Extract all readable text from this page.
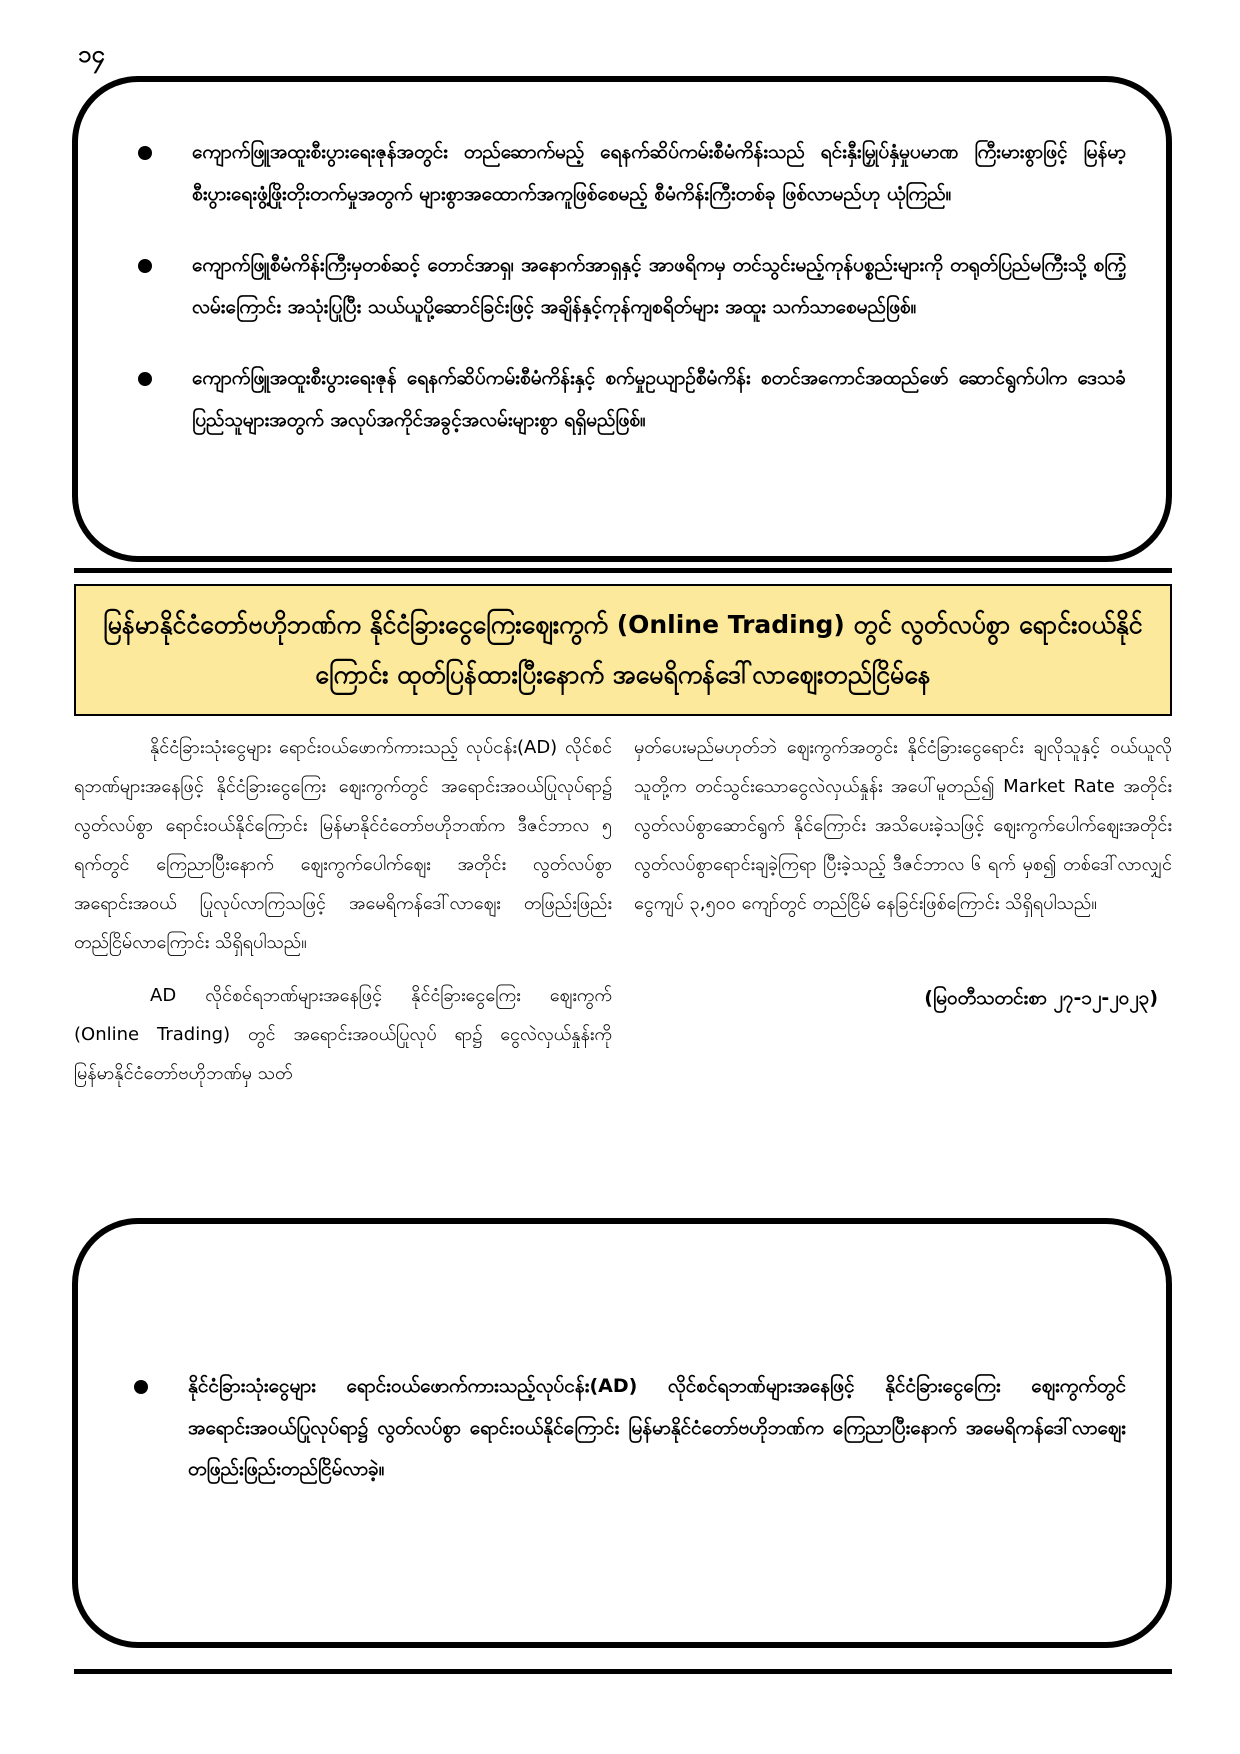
၁၄
ကျောက်ဖြူအထူးစီးပွားရေးဇုန်အတွင်း တည်ဆောက်မည့် ရေနက်ဆိပ်ကမ်းစီမံကိန်းသည် ရင်းနှီးမြှုပ်နှံမှုပမာဏ ကြီးမားစွာဖြင့် မြန်မာ့စီးပွားရေးဖွံ့ဖြိုးတိုးတက်မှုအတွက် များစွာအထောက်အကူဖြစ်စေမည့် စီမံကိန်းကြီးတစ်ခု ဖြစ်လာမည်ဟု ယုံကြည်။
ကျောက်ဖြူစီမံကိန်းကြီးမှတစ်ဆင့် တောင်အာရှ၊ အနောက်အာရှနှင့် အာဖရိကမှ တင်သွင်းမည့်ကုန်ပစ္စည်းများကို တရုတ်ပြည်မကြီးသို့ စကြံ့လမ်းကြောင်း အသုံးပြုပြီး သယ်ယူပို့ဆောင်ခြင်းဖြင့် အချိန်နှင့်ကုန်ကျစရိတ်များ အထူး သက်သာစေမည်ဖြစ်။
ကျောက်ဖြူအထူးစီးပွားရေးဇုန် ရေနက်ဆိပ်ကမ်းစီမံကိန်းနှင့် စက်မှုဥယျာဉ်စီမံကိန်း စတင်အကောင်အထည်ဖော် ဆောင်ရွက်ပါက ဒေသခံပြည်သူများအတွက် အလုပ်အကိုင်အခွင့်အလမ်းများစွာ ရရှိမည်ဖြစ်။

မြန်မာနိုင်ငံတော်ဗဟိုဘဏ်က နိုင်ငံခြားငွေကြေးဈေးကွက် (Online Trading) တွင် လွတ်လပ်စွာ ရောင်းဝယ်နိုင်ကြောင်း ထုတ်ပြန်ထားပြီးနောက် အမေရိကန်ဒေါ်လာဈေးတည်ငြိမ်နေ

နိုင်ငံခြားသုံးငွေများ ရောင်းဝယ်ဖောက်ကားသည့် လုပ်ငန်း(AD) လိုင်စင်ရဘဏ်များအနေဖြင့် နိုင်ငံခြားငွေကြေး ဈေးကွက်တွင် အရောင်းအဝယ်ပြုလုပ်ရာ၌ လွတ်လပ်စွာ ရောင်းဝယ်နိုင်ကြောင်း မြန်မာနိုင်ငံတော်ဗဟိုဘဏ်က ဒီဇင်ဘာလ ၅ ရက်တွင် ကြေညာပြီးနောက် ဈေးကွက်ပေါက်ဈေး အတိုင်း လွတ်လပ်စွာအရောင်းအဝယ် ပြုလုပ်လာကြသဖြင့် အမေရိကန်ဒေါ်လာဈေး တဖြည်းဖြည်းတည်ငြိမ်လာကြောင်း သိရှိရပါသည်။

AD လိုင်စင်ရဘဏ်များအနေဖြင့် နိုင်ငံခြားငွေကြေး ဈေးကွက် (Online Trading) တွင် အရောင်းအဝယ်ပြုလုပ် ရာ၌ ငွေလဲလှယ်နှုန်းကို မြန်မာနိုင်ငံတော်ဗဟိုဘဏ်မှ သတ်

မှတ်ပေးမည်မဟုတ်ဘဲ ဈေးကွက်အတွင်း နိုင်ငံခြားငွေရောင်း ချလိုသူနှင့် ဝယ်ယူလိုသူတို့က တင်သွင်းသောငွေလဲလှယ်နှုန်း အပေါ်မူတည်၍ Market Rate အတိုင်း လွတ်လပ်စွာဆောင်ရွက် နိုင်ကြောင်း အသိပေးခဲ့သဖြင့် ဈေးကွက်ပေါက်ဈေးအတိုင်း လွတ်လပ်စွာရောင်းချခဲ့ကြရာ ပြီးခဲ့သည့် ဒီဇင်ဘာလ ၆ ရက် မှစ၍ တစ်ဒေါ်လာလျှင် ငွေကျပ် ၃,၅၀၀ ကျော်တွင် တည်ငြိမ် နေခြင်းဖြစ်ကြောင်း သိရှိရပါသည်။

(မြဝတီသတင်းစာ ၂၇-၁၂-၂၀၂၃)

နိုင်ငံခြားသုံးငွေများ ရောင်းဝယ်ဖောက်ကားသည့်လုပ်ငန်း(AD) လိုင်စင်ရဘဏ်များအနေဖြင့် နိုင်ငံခြားငွေကြေး ဈေးကွက်တွင် အရောင်းအဝယ်ပြုလုပ်ရာ၌ လွတ်လပ်စွာ ရောင်းဝယ်နိုင်ကြောင်း မြန်မာနိုင်ငံတော်ဗဟိုဘဏ်က ကြေညာပြီးနောက် အမေရိကန်ဒေါ်လာဈေး တဖြည်းဖြည်းတည်ငြိမ်လာခဲ့။
